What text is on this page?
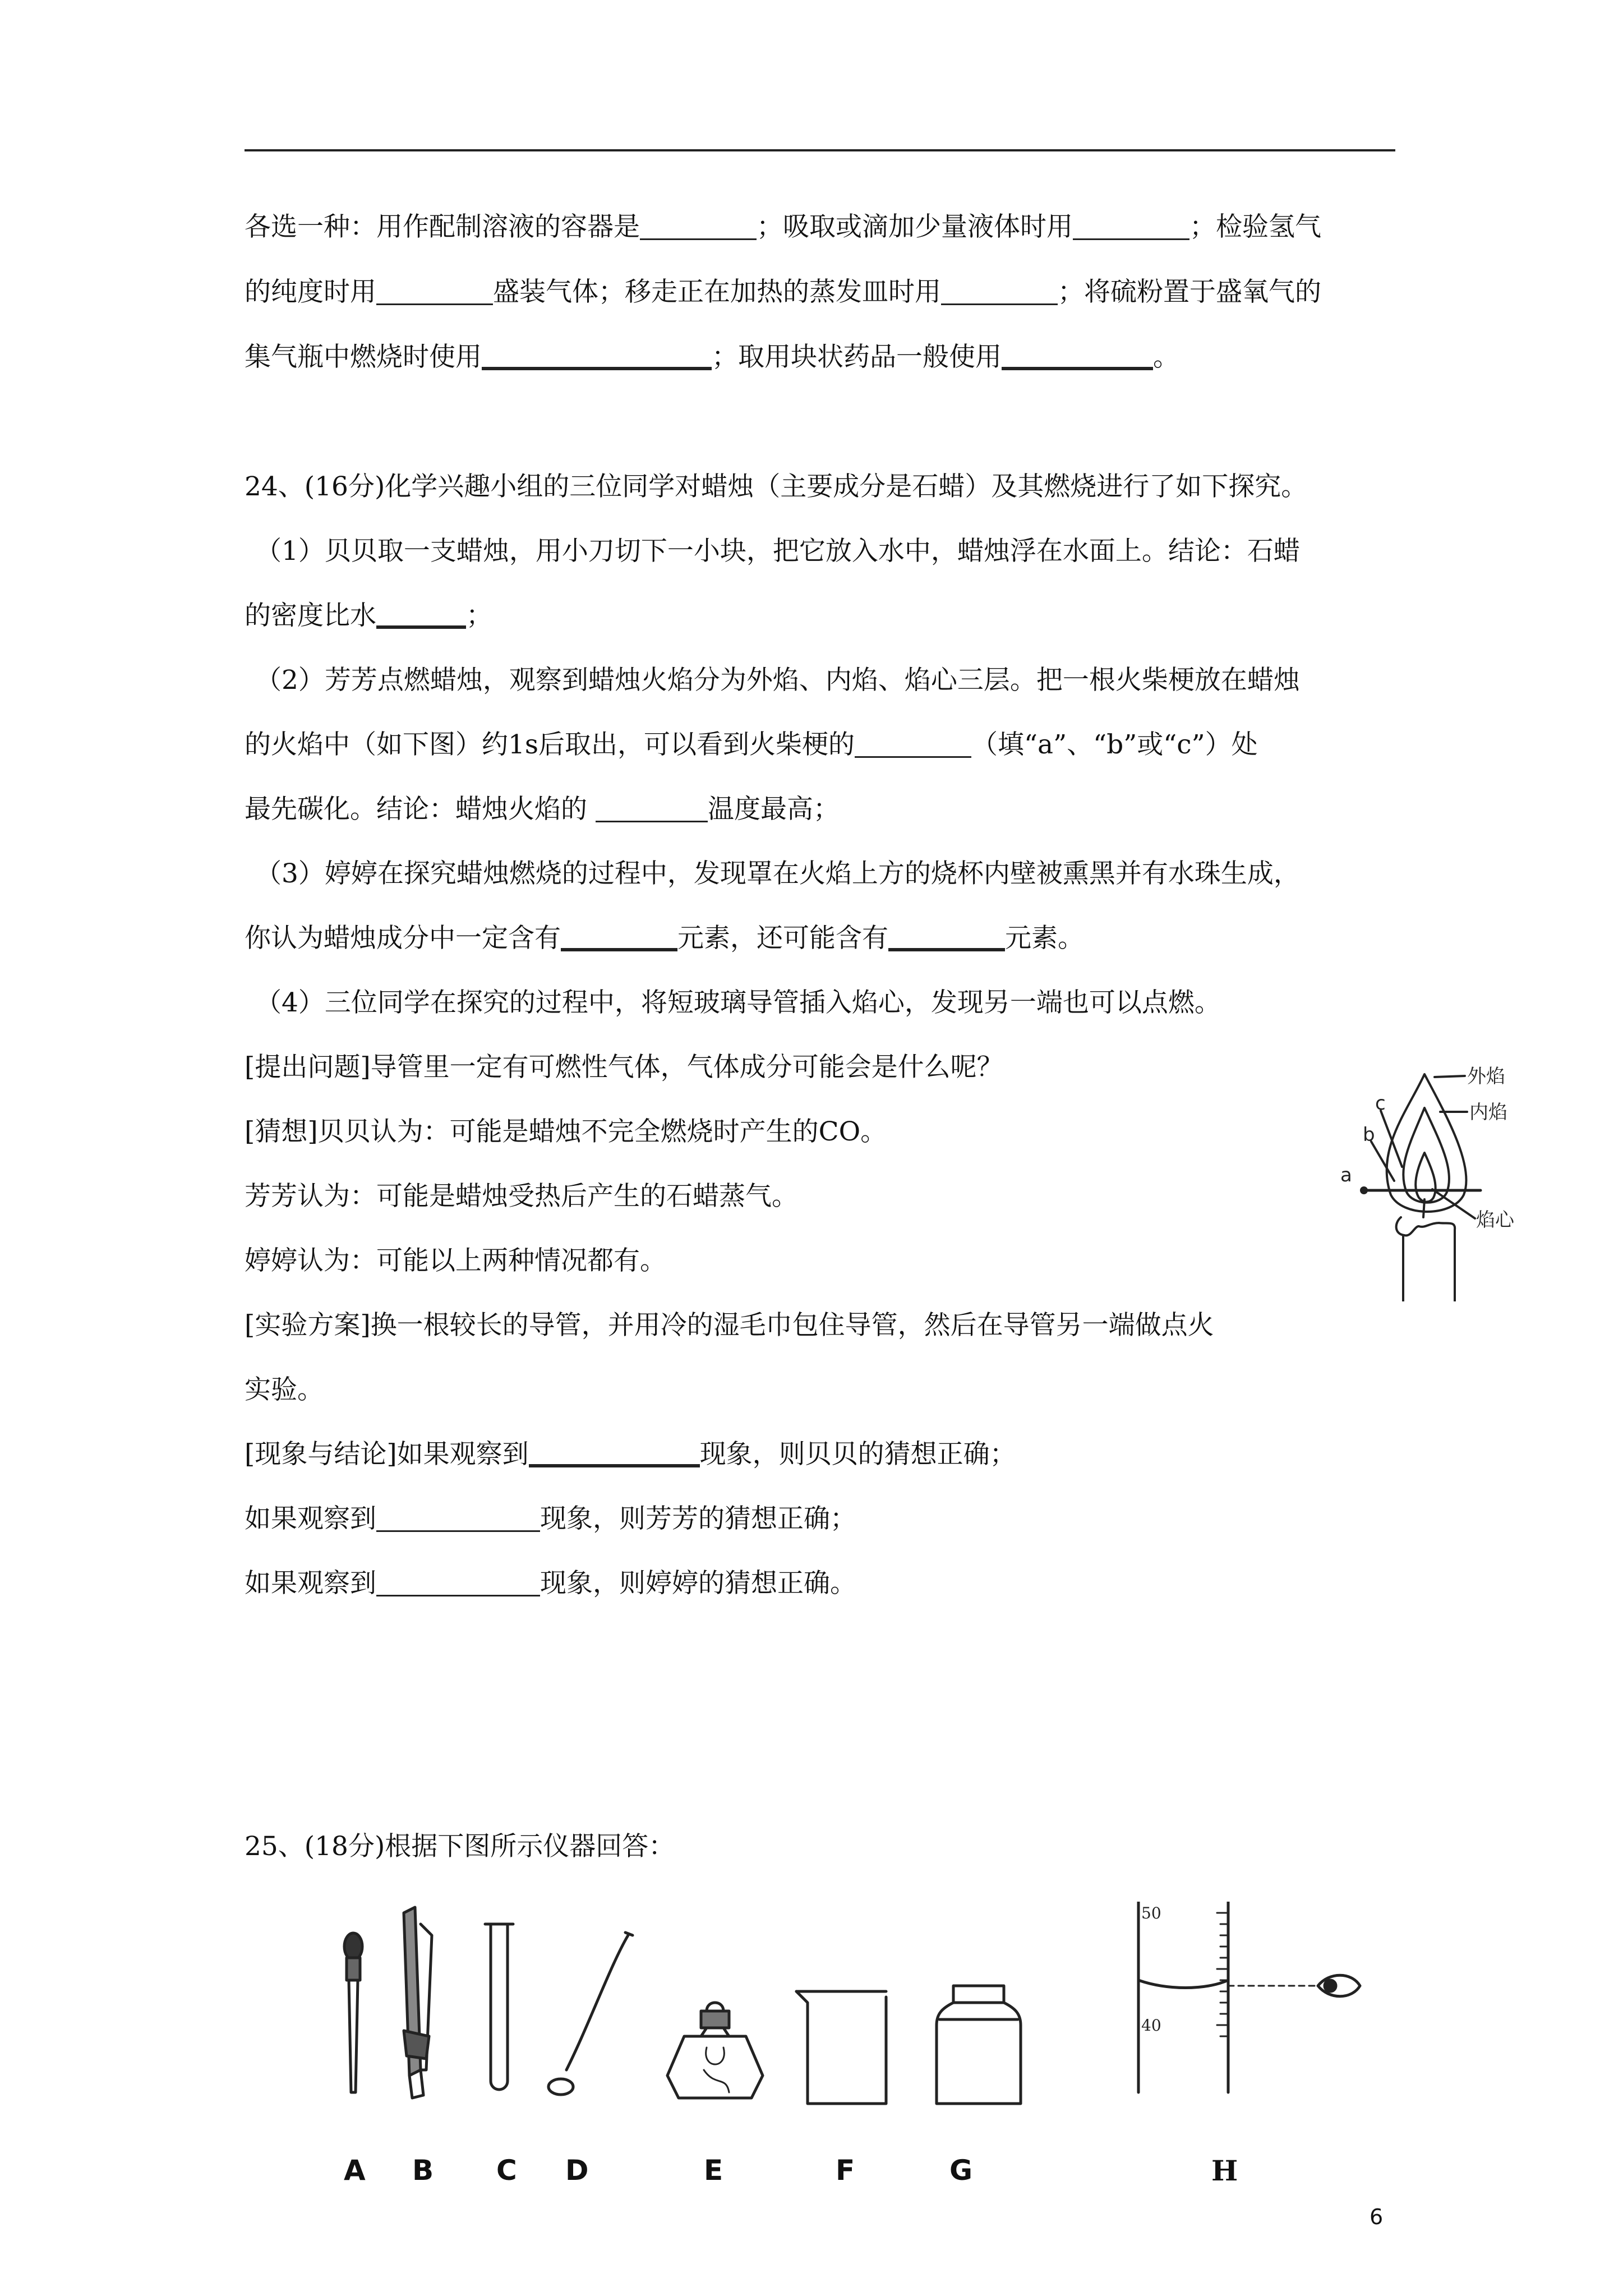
各选一种：用作配制溶液的容器是	；吸取或滴加少量液体时用	；检验氢气
的纯度时用	盛装气体；移走正在加热的蒸发皿时用	；将硫粉置于盛氧气的
集气瓶中燃烧时使用	；取用块状药品一般使用	。
24、(16分)化学兴趣小组的三位同学对蜡烛（主要成分是石蜡）及其燃烧进行了如下探究。
（1）贝贝取一支蜡烛，用小刀切下一小块，把它放入水中，蜡烛浮在水面上。结论：石蜡
的密度比水	；
（2）芳芳点燃蜡烛，观察到蜡烛火焰分为外焰、内焰、焰心三层。把一根火柴梗放在蜡烛
的火焰中（如下图）约1s后取出，可以看到火柴梗的	（填“a”、“b”或“c”）处
最先碳化。结论：蜡烛火焰的	温度最高；
（3）婷婷在探究蜡烛燃烧的过程中，发现罩在火焰上方的烧杯内壁被熏黑并有水珠生成，
你认为蜡烛成分中一定含有	元素，还可能含有	元素。
（4）三位同学在探究的过程中，将短玻璃导管插入焰心，发现另一端也可以点燃。
[提出问题]导管里一定有可燃性气体，气体成分可能会是什么呢？
[猜想]贝贝认为：可能是蜡烛不完全燃烧时产生的CO。
芳芳认为：可能是蜡烛受热后产生的石蜡蒸气。
婷婷认为：可能以上两种情况都有。
[实验方案]换一根较长的导管，并用冷的湿毛巾包住导管，然后在导管另一端做点火
实验。
[现象与结论]如果观察到	现象，则贝贝的猜想正确；
如果观察到	现象，则芳芳的猜想正确；
如果观察到	现象，则婷婷的猜想正确。
外焰
内焰
焰心
c
b
a
25、(18分)根据下图所示仪器回答：
50
40
A B C D	E	F	G	H
6
